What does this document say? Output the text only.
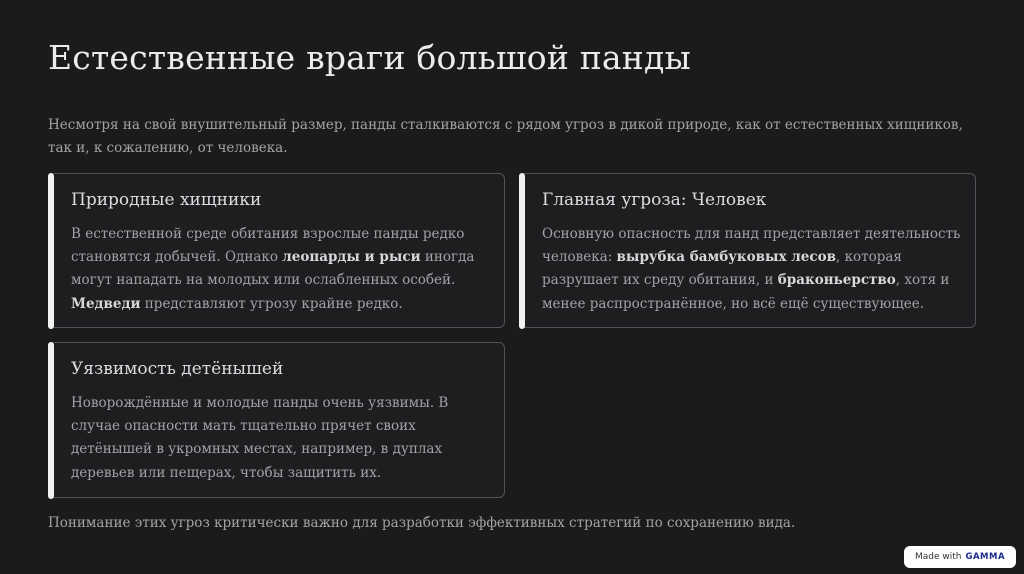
Естественные враги большой панды

Несмотря на свой внушительный размер, панды сталкиваются с рядом угроз в дикой природе, как от естественных хищников, так и, к сожалению, от человека.

Природные хищники

В естественной среде обитания взрослые панды редко становятся добычей. Однако леопарды и рыси иногда могут нападать на молодых или ослабленных особей. Медведи представляют угрозу крайне редко.

Главная угроза: Человек

Основную опасность для панд представляет деятельность человека: вырубка бамбуковых лесов, которая разрушает их среду обитания, и браконьерство, хотя и менее распространённое, но всё ещё существующее.

Уязвимость детёнышей

Новорождённые и молодые панды очень уязвимы. В случае опасности мать тщательно прячет своих детёнышей в укромных местах, например, в дуплах деревьев или пещерах, чтобы защитить их.

Понимание этих угроз критически важно для разработки эффективных стратегий по сохранению вида.

Made with GAMMA
